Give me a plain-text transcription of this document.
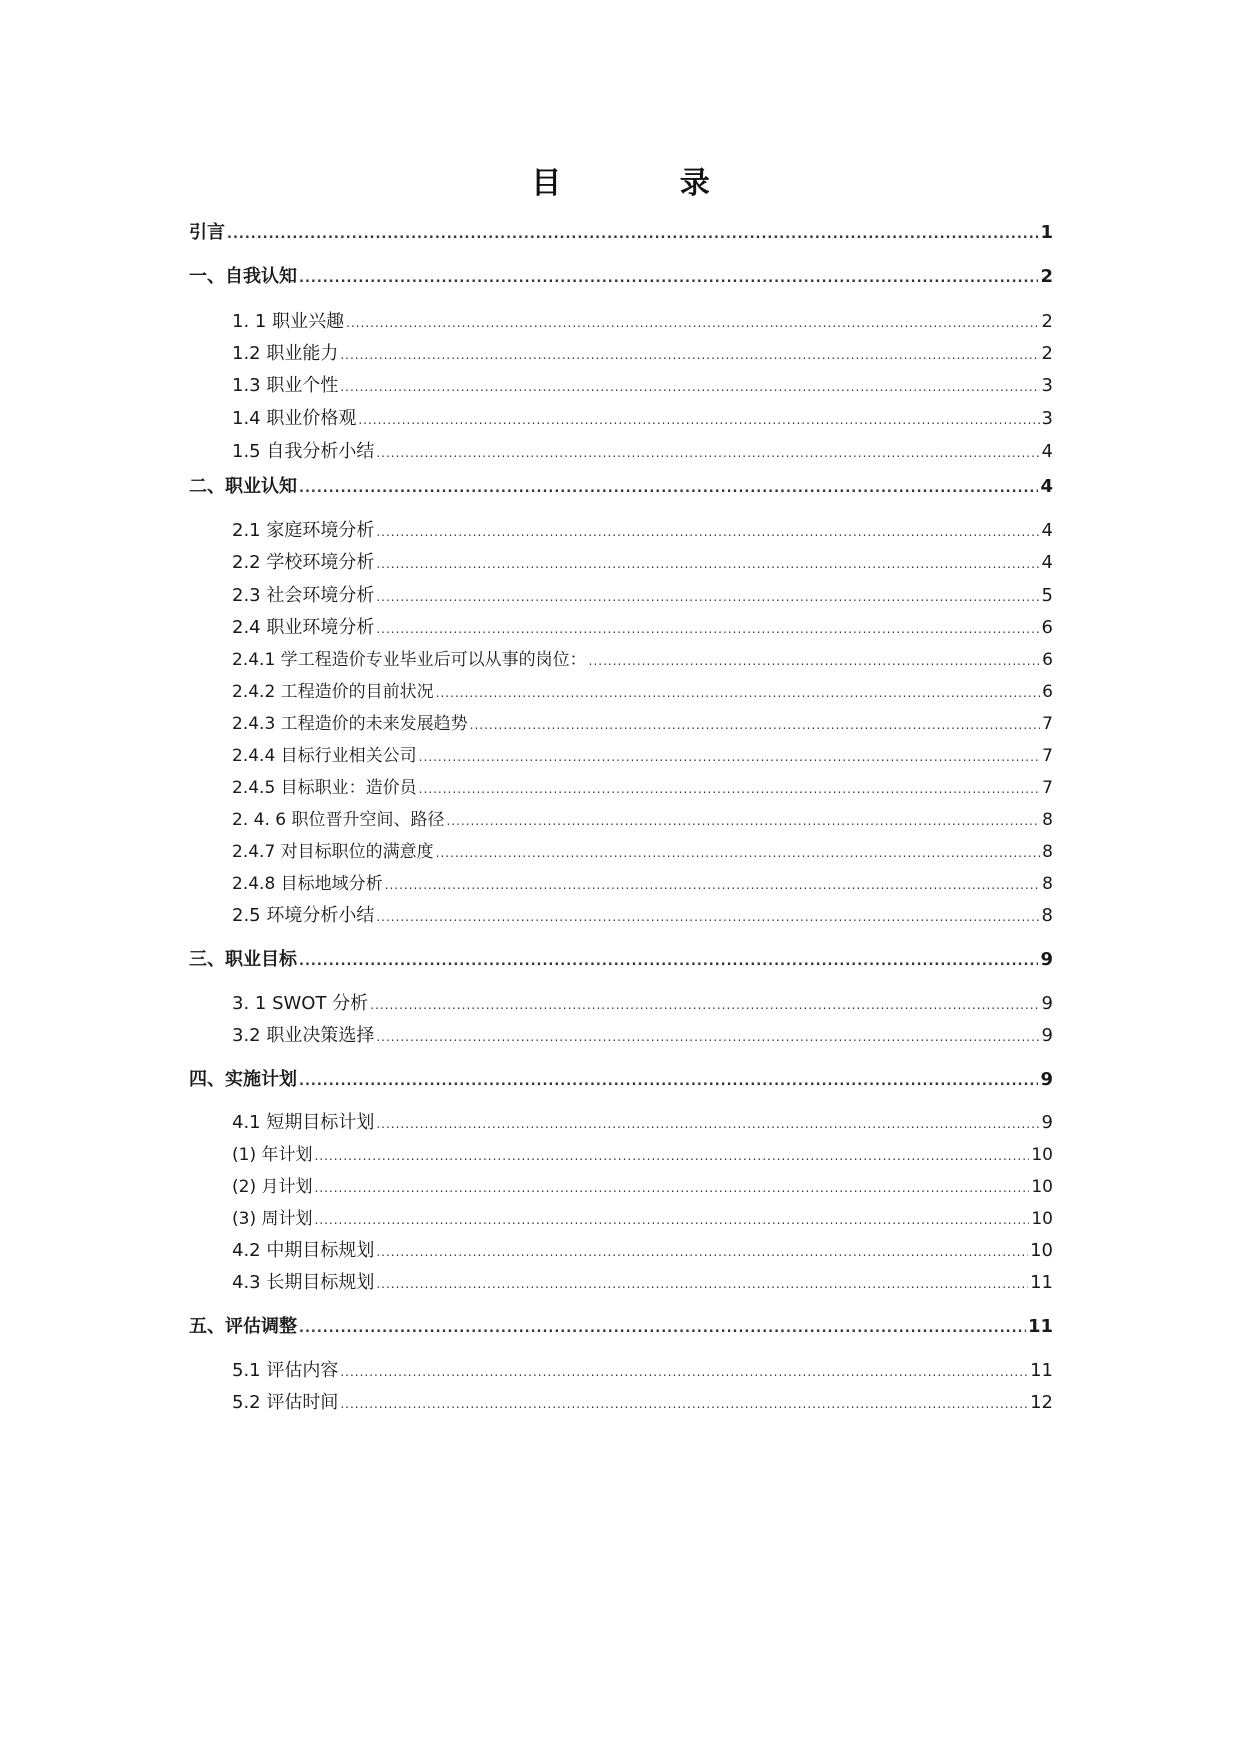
目 录
引言 .....	1
一、自我认知 .....	2
1. 1 职业兴趣 .....	2
1.2 职业能力 .....	2
1.3 职业个性 .....	3
1.4 职业价格观 .....	3
1.5 自我分析小结 .....	4
二、职业认知 .....	4
2.1 家庭环境分析 .....	4
2.2 学校环境分析 .....	4
2.3 社会环境分析 .....	5
2.4 职业环境分析 .....	6
2.4.1 学工程造价专业毕业后可以从事的岗位： .....	6
2.4.2 工程造价的目前状况 .....	6
2.4.3 工程造价的未来发展趋势 .....	7
2.4.4 目标行业相关公司 .....	7
2.4.5 目标职业：造价员 .....	7
2. 4. 6 职位晋升空间、路径 .....	8
2.4.7 对目标职位的满意度 .....	8
2.4.8 目标地域分析 .....	8
2.5 环境分析小结 .....	8
三、职业目标 .....	9
3. 1 SWOT 分析 .....	9
3.2 职业决策选择 .....	9
四、实施计划 .....	9
4.1 短期目标计划 .....	9
(1) 年计划 .....	10
(2) 月计划 .....	10
(3) 周计划 .....	10
4.2 中期目标规划 .....	10
4.3 长期目标规划 .....	11
五、评估调整 .....	11
5.1 评估内容 .....	11
5.2 评估时间 .....	12
